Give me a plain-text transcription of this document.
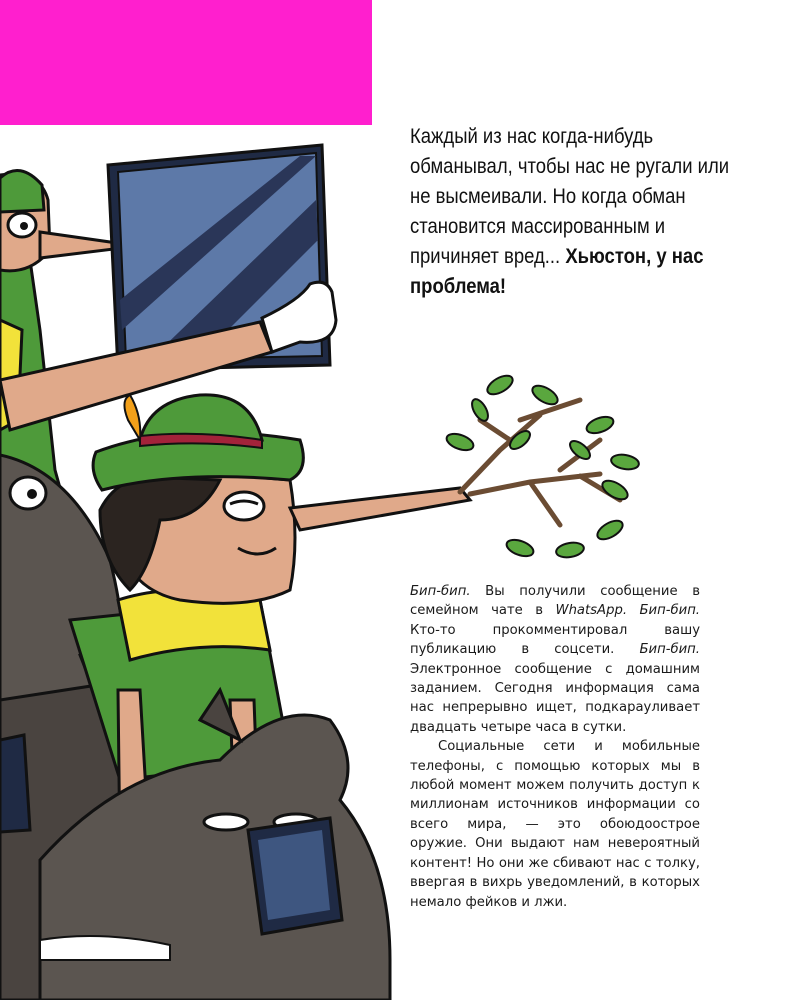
Каждый из нас когда-нибудь обманывал, чтобы нас не ругали или не высмеивали. Но когда обман становится массированным и причиняет вред... Хьюстон, у нас проблема!

Бип-бип. Вы получили сообщение в семейном чате в WhatsApp. Бип-бип. Кто-то прокомментировал вашу публикацию в соцсети. Бип-бип. Электронное сообщение с домашним заданием. Сегодня информация сама нас непрерывно ищет, подкарауливает двадцать четыре часа в сутки.

Социальные сети и мобильные телефоны, с помощью которых мы в любой момент можем получить доступ к миллионам источников информации со всего мира, — это обоюдоострое оружие. Они выдают нам невероятный контент! Но они же сбивают нас с толку, ввергая в вихрь уведомлений, в которых немало фейков и лжи.
